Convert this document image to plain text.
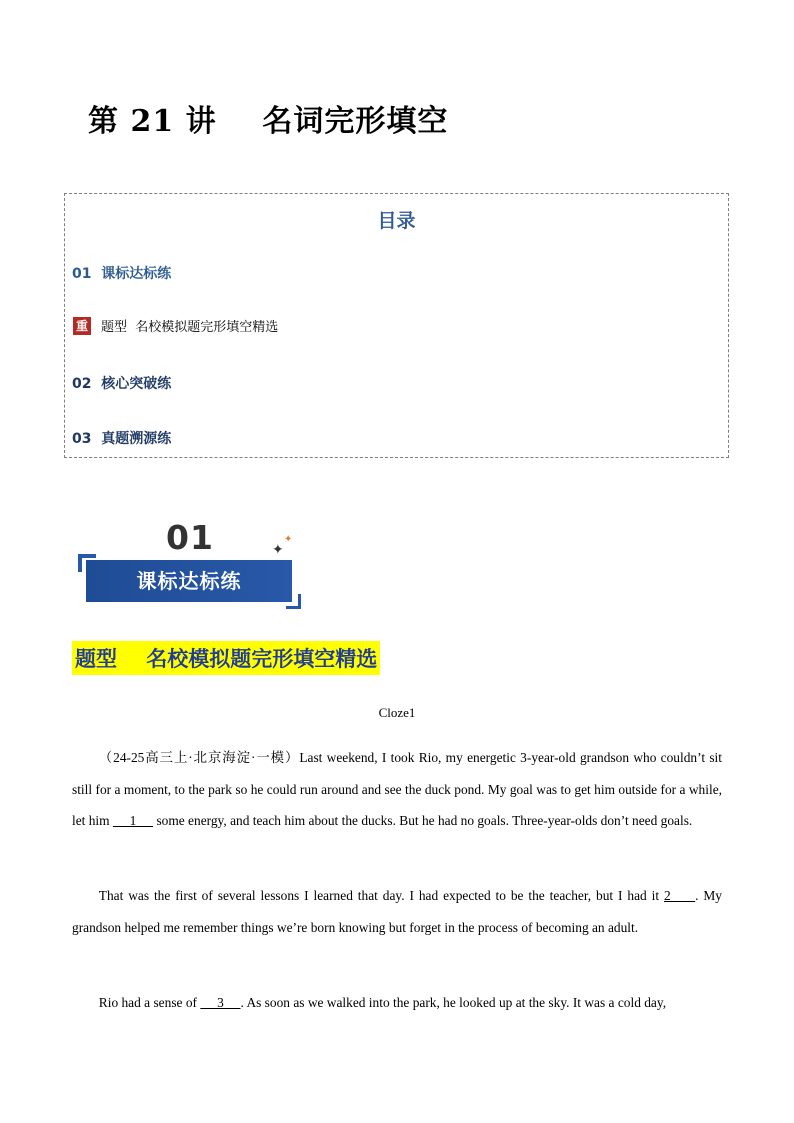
第 21 讲    名词完形填空
目录
01  课标达标练
重 题型  名校模拟题完形填空精选
02  核心突破练
03  真题溯源练
01	✦
✦
课标达标练
题型    名校模拟题完形填空精选
Cloze1
（24-25高三上·北京海淀·一模）Last weekend, I took Rio, my energetic 3-year-old grandson who couldn’t sit still for a moment, to the park so he could run around and see the duck pond. My goal was to get him outside for a while, let him      1      some energy, and teach him about the ducks. But he had no goals. Three-year-olds don’t need goals.
That was the first of several lessons I learned that day. I had expected to be the teacher, but I had it 2     . My grandson helped me remember things we’re born knowing but forget in the process of becoming an adult.
Rio had a sense of      3     . As soon as we walked into the park, he looked up at the sky. It was a cold day,
